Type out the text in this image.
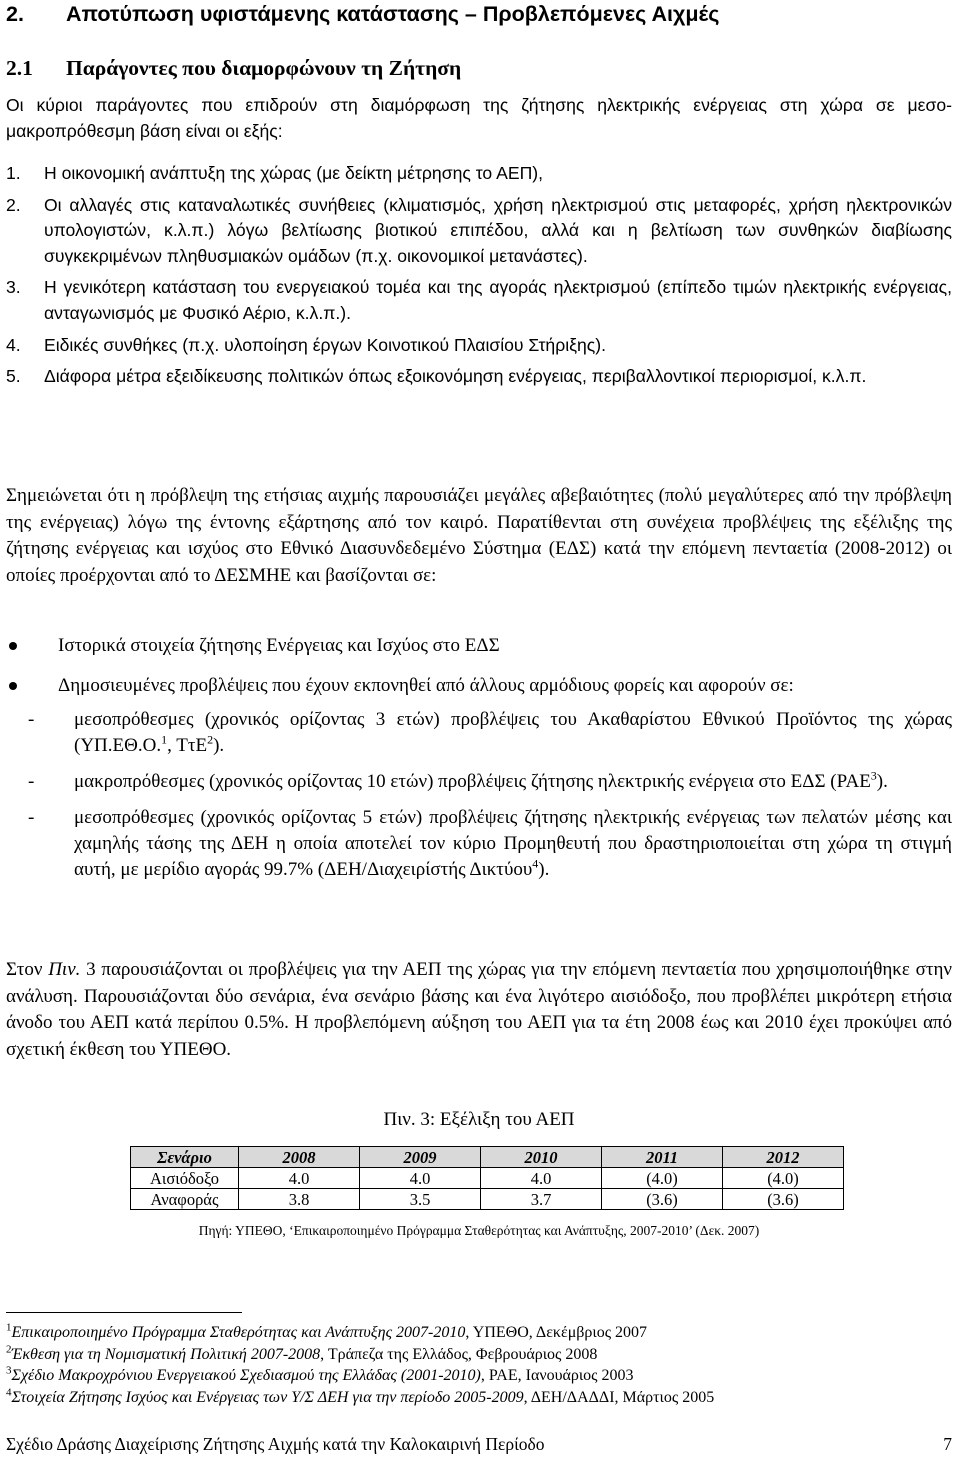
2. Αποτύπωση υφιστάμενης κατάστασης – Προβλεπόμενες Αιχμές
2.1 Παράγοντες που διαμορφώνουν τη Ζήτηση
Οι κύριοι παράγοντες που επιδρούν στη διαμόρφωση της ζήτησης ηλεκτρικής ενέργειας στη χώρα σε μεσο-μακροπρόθεσμη βάση είναι οι εξής:
1.	Η οικονομική ανάπτυξη της χώρας (με δείκτη μέτρησης το ΑΕΠ),
2.	Οι αλλαγές στις καταναλωτικές συνήθειες (κλιματισμός, χρήση ηλεκτρισμού στις μεταφορές, χρήση ηλεκτρονικών υπολογιστών, κ.λ.π.) λόγω βελτίωσης βιοτικού επιπέδου, αλλά και η βελτίωση των συνθηκών διαβίωσης συγκεκριμένων πληθυσμιακών ομάδων (π.χ. οικονομικοί μετανάστες).
3.	Η γενικότερη κατάσταση του ενεργειακού τομέα και της αγοράς ηλεκτρισμού (επίπεδο τιμών ηλεκτρικής ενέργειας, ανταγωνισμός με Φυσικό Αέριο, κ.λ.π.).
4.	Ειδικές συνθήκες (π.χ. υλοποίηση έργων Κοινοτικού Πλαισίου Στήριξης).
5.	Διάφορα μέτρα εξειδίκευσης πολιτικών όπως εξοικονόμηση ενέργειας, περιβαλλοντικοί περιορισμοί, κ.λ.π.
Σημειώνεται ότι η πρόβλεψη της ετήσιας αιχμής παρουσιάζει μεγάλες αβεβαιότητες (πολύ μεγαλύτερες από την πρόβλεψη της ενέργειας) λόγω της έντονης εξάρτησης από τον καιρό. Παρατίθενται στη συνέχεια προβλέψεις της εξέλιξης της ζήτησης ενέργειας και ισχύος στο Εθνικό Διασυνδεδεμένο Σύστημα (ΕΔΣ) κατά την επόμενη πενταετία (2008-2012) οι οποίες προέρχονται από το ΔΕΣΜΗΕ και βασίζονται σε:
Ιστορικά στοιχεία ζήτησης Ενέργειας και Ισχύος στο ΕΔΣ
Δημοσιευμένες προβλέψεις που έχουν εκπονηθεί από άλλους αρμόδιους φορείς και αφορούν σε:
-	μεσοπρόθεσμες (χρονικός ορίζοντας 3 ετών) προβλέψεις του Ακαθαρίστου Εθνικού Προϊόντος της χώρας (ΥΠ.ΕΘ.Ο.$^1$, ΤτΕ$^2$).
-	μακροπρόθεσμες (χρονικός ορίζοντας 10 ετών) προβλέψεις ζήτησης ηλεκτρικής ενέργεια στο ΕΔΣ (ΡΑΕ$^3$).
-	μεσοπρόθεσμες (χρονικός ορίζοντας 5 ετών) προβλέψεις ζήτησης ηλεκτρικής ενέργειας των πελατών μέσης και χαμηλής τάσης της ΔΕΗ η οποία αποτελεί τον κύριο Προμηθευτή που δραστηριοποιείται στη χώρα τη στιγμή αυτή, με μερίδιο αγοράς 99.7% (ΔΕΗ/Διαχειρίστής Δικτύου$^4$).
Στον Πιν. 3 παρουσιάζονται οι προβλέψεις για την ΑΕΠ της χώρας για την επόμενη πενταετία που χρησιμοποιήθηκε στην ανάλυση. Παρουσιάζονται δύο σενάρια, ένα σενάριο βάσης και ένα λιγότερο αισιόδοξο, που προβλέπει μικρότερη ετήσια άνοδο του ΑΕΠ κατά περίπου 0.5%. Η προβλεπόμενη αύξηση του ΑΕΠ για τα έτη 2008 έως και 2010 έχει προκύψει από σχετική έκθεση του ΥΠΕΘΟ.
Πιν. 3: Εξέλιξη του ΑΕΠ
Σενάριο	2008	2009	2010	2011	2012
Αισιόδοξο	4.0	4.0	4.0	(4.0)	(4.0)
Αναφοράς	3.8	3.5	3.7	(3.6)	(3.6)
Πηγή: ΥΠΕΘΟ, ‘Επικαιροποιημένο Πρόγραμμα Σταθερότητας και Ανάπτυξης, 2007-2010’ (Δεκ. 2007)
$^1$Επικαιροποιημένο Πρόγραμμα Σταθερότητας και Ανάπτυξης 2007-2010, ΥΠΕΘΟ, Δεκέμβριος 2007
$^2$Έκθεση για τη Νομισματική Πολιτική 2007-2008, Τράπεζα της Ελλάδος, Φεβρουάριος 2008
$^3$Σχέδιο Μακροχρόνιου Ενεργειακού Σχεδιασμού της Ελλάδας (2001-2010), ΡΑΕ, Ιανουάριος 2003
$^4$Στοιχεία Ζήτησης Ισχύος και Ενέργειας των Υ/Σ ΔΕΗ για την περίοδο 2005-2009, ΔΕΗ/ΔΑΔΔΙ, Μάρτιος 2005
Σχέδιο Δράσης Διαχείρισης Ζήτησης Αιχμής κατά την Καλοκαιρινή Περίοδο	7
